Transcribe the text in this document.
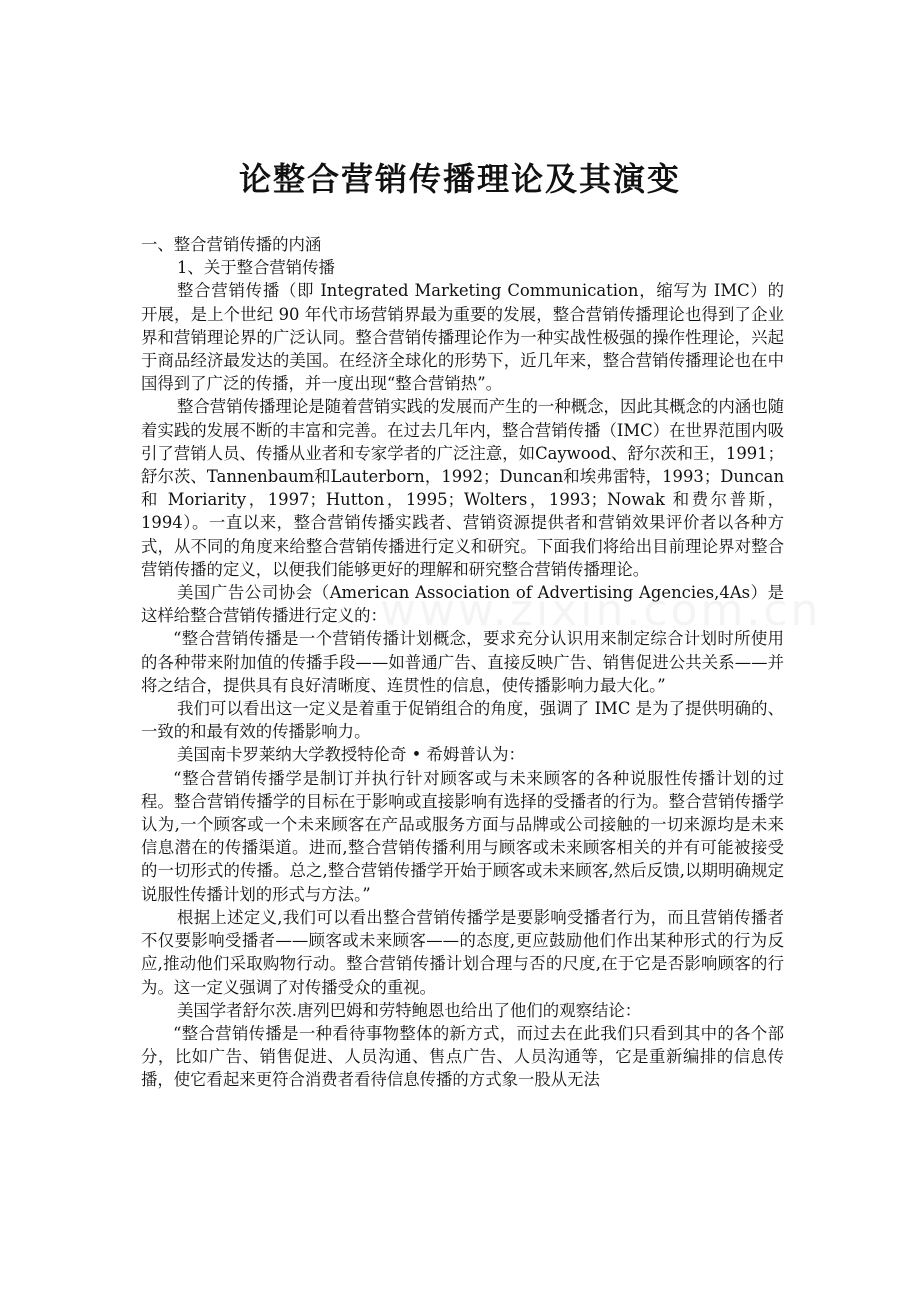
论整合营销传播理论及其演变

一、整合营销传播的内涵

1、关于整合营销传播

整合营销传播（即 Integrated Marketing Communication，缩写为 IMC）的开展，是上个世纪 90 年代市场营销界最为重要的发展，整合营销传播理论也得到了企业界和营销理论界的广泛认同。整合营销传播理论作为一种实战性极强的操作性理论，兴起于商品经济最发达的美国。在经济全球化的形势下，近几年来，整合营销传播理论也在中国得到了广泛的传播，并一度出现“整合营销热”。

整合营销传播理论是随着营销实践的发展而产生的一种概念，因此其概念的内涵也随着实践的发展不断的丰富和完善。在过去几年内，整合营销传播（IMC）在世界范围内吸引了营销人员、传播从业者和专家学者的广泛注意，如Caywood、舒尔茨和王，1991；舒尔茨、Tannenbaum和Lauterborn，1992；Duncan和埃弗雷特，1993；Duncan 和 Moriarity，1997；Hutton，1995；Wolters，1993；Nowak 和费尔普斯，1994）。一直以来，整合营销传播实践者、营销资源提供者和营销效果评价者以各种方式，从不同的角度来给整合营销传播进行定义和研究。下面我们将给出目前理论界对整合营销传播的定义，以便我们能够更好的理解和研究整合营销传播理论。

美国广告公司协会（American Association of Advertising Agencies,4As）是这样给整合营销传播进行定义的：

“整合营销传播是一个营销传播计划概念，要求充分认识用来制定综合计划时所使用的各种带来附加值的传播手段——如普通广告、直接反映广告、销售促进公共关系——并将之结合，提供具有良好清晰度、连贯性的信息，使传播影响力最大化。”

我们可以看出这一定义是着重于促销组合的角度，强调了 IMC 是为了提供明确的、一致的和最有效的传播影响力。

美国南卡罗莱纳大学教授特伦奇 • 希姆普认为：

“整合营销传播学是制订并执行针对顾客或与未来顾客的各种说服性传播计划的过程。整合营销传播学的目标在于影响或直接影响有选择的受播者的行为。整合营销传播学认为,一个顾客或一个未来顾客在产品或服务方面与品牌或公司接触的一切来源均是未来信息潜在的传播渠道。进而,整合营销传播利用与顾客或未来顾客相关的并有可能被接受的一切形式的传播。总之,整合营销传播学开始于顾客或未来顾客,然后反馈,以期明确规定说服性传播计划的形式与方法。”

根据上述定义,我们可以看出整合营销传播学是要影响受播者行为，而且营销传播者不仅要影响受播者——顾客或未来顾客——的态度,更应鼓励他们作出某种形式的行为反应,推动他们采取购物行动。整合营销传播计划合理与否的尺度,在于它是否影响顾客的行为。这一定义强调了对传播受众的重视。

美国学者舒尔茨.唐列巴姆和劳特鲍恩也给出了他们的观察结论：

“整合营销传播是一种看待事物整体的新方式，而过去在此我们只看到其中的各个部分，比如广告、销售促进、人员沟通、售点广告、人员沟通等，它是重新编排的信息传播，使它看起来更符合消费者看待信息传播的方式象一股从无法
